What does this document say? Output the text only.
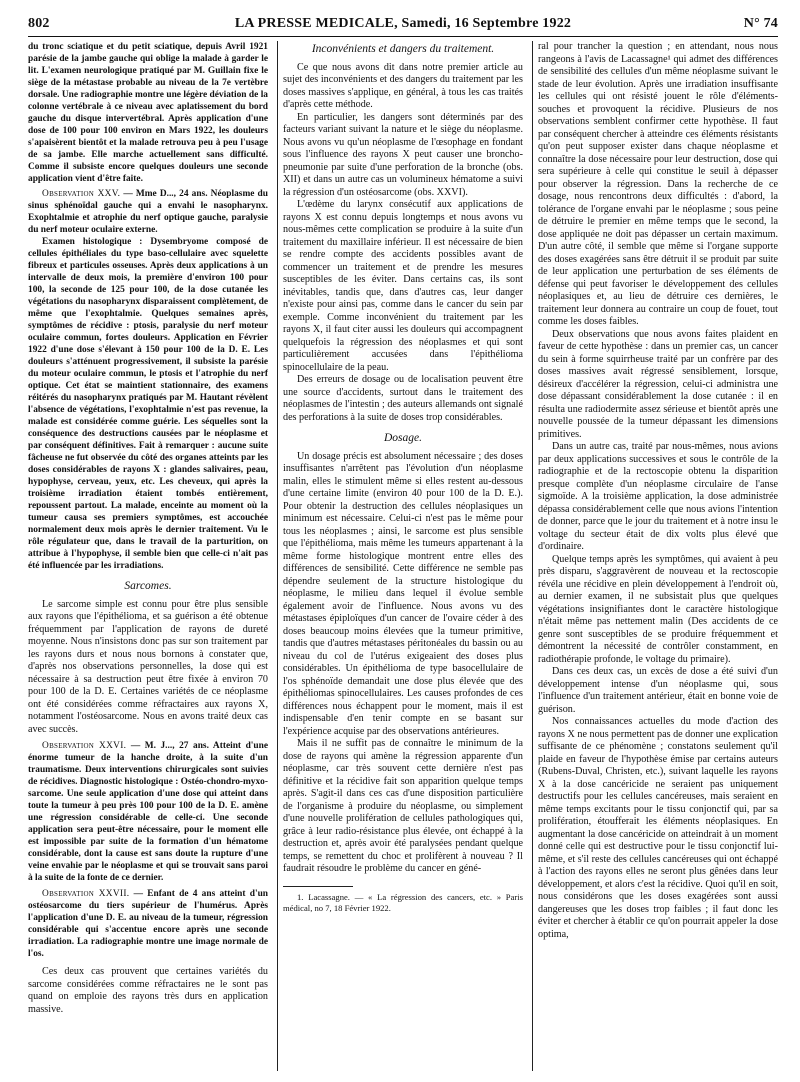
802	LA PRESSE MEDICALE, Samedi, 16 Septembre 1922	N° 74

du tronc sciatique et du petit sciatique, depuis Avril 1921 parésie de la jambe gauche qui oblige la malade à garder le lit. L'examen neurologique pratiqué par M. Guillain fixe le siège de la métastase probable au niveau de la 7e vertèbre dorsale. Une radiographie montre une légère déviation de la colonne vertébrale à ce niveau avec aplatissement du bord gauche du disque intervertébral. Après application d'une dose de 100 pour 100 environ en Mars 1922, les douleurs s'apaisèrent bientôt et la malade retrouva peu à peu l'usage de sa jambe. Elle marche actuellement sans difficulté. Comme il subsiste encore quelques douleurs une seconde application vient d'être faite.

Observation XXV. — Mme D..., 24 ans. Néoplasme du sinus sphénoïdal gauche qui a envahi le nasopharynx. Exophtalmie et atrophie du nerf optique gauche, paralysie du nerf moteur oculaire externe.

Examen histologique : Dysembryome composé de cellules épithéliales du type baso-cellulaire avec squelette fibreux et particules osseuses. Après deux applications à un intervalle de deux mois, la première d'environ 100 pour 100, la seconde de 125 pour 100, de la dose cutanée les végétations du nasopharynx disparaissent complètement, de même que l'exophtalmie. Quelques semaines après, symptômes de récidive : ptosis, paralysie du nerf moteur oculaire commun, fortes douleurs. Application en Février 1922 d'une dose s'élevant à 150 pour 100 de la D. E. Les douleurs s'atténuent progressivement, il subsiste la parésie du moteur oculaire commun, le ptosis et l'atrophie du nerf optique. Cet état se maintient stationnaire, des examens réitérés du nasopharynx pratiqués par M. Hautant révèlent l'absence de végétations, l'exophtalmie n'est pas revenue, la malade est considérée comme guérie. Les séquelles sont la conséquence des destructions causées par le néoplasme et par conséquent définitives. Fait à remarquer : aucune suite fâcheuse ne fut observée du côté des organes atteints par les doses considérables de rayons X : glandes salivaires, peau, hypophyse, cerveau, yeux, etc. Les cheveux, qui après la troisième irradiation étaient tombés entièrement, repoussent partout. La malade, enceinte au moment où la tumeur causa ses premiers symptômes, est accouchée normalement deux mois après le dernier traitement. Vu le rôle régulateur que, dans le travail de la parturition, on attribue à l'hypophyse, il semble bien que celle-ci n'ait pas été influencée par les irradiations.

Sarcomes.

Le sarcome simple est connu pour être plus sensible aux rayons que l'épithélioma, et sa guérison a été obtenue fréquemment par l'application de rayons de dureté moyenne. Nous n'insistons donc pas sur son traitement par les rayons durs et nous nous bornons à constater que, d'après nos observations personnelles, la dose qui est nécessaire à sa destruction peut être fixée à environ 70 pour 100 de la D. E. Certaines variétés de ce néoplasme ont été considérées comme réfractaires aux rayons X, notamment l'ostéosarcome. Nous en avons traité deux cas avec succès.

Observation XXVI. — M. J..., 27 ans. Atteint d'une énorme tumeur de la hanche droite, à la suite d'un traumatisme. Deux interventions chirurgicales sont suivies de récidives. Diagnostic histologique : Ostéo-chondro-myxo-sarcome. Une seule application d'une dose qui atteint dans toute la tumeur à peu près 100 pour 100 de la D. E. amène une régression considérable de celle-ci. Une seconde application sera peut-être nécessaire, pour le moment elle est impossible par suite de la formation d'un hématome considérable, dont la cause est sans doute la rupture d'une veine envahie par le néoplasme et qui se trouvait sans paroi à la suite de la fonte de ce dernier.

Observation XXVII. — Enfant de 4 ans atteint d'un ostéosarcome du tiers supérieur de l'humérus. Après l'application d'une D. E. au niveau de la tumeur, régression considérable qui s'accentue encore après une seconde irradiation. La radiographie montre une image normale de l'os.

Ces deux cas prouvent que certaines variétés du sarcome considérées comme réfractaires ne le sont pas quand on emploie des rayons très durs en application massive.

Inconvénients et dangers du traitement.

Ce que nous avons dit dans notre premier article au sujet des inconvénients et des dangers du traitement par les doses massives s'applique, en général, à tous les cas traités d'après cette méthode.

En particulier, les dangers sont déterminés par des facteurs variant suivant la nature et le siège du néoplasme. Nous avons vu qu'un néoplasme de l'œsophage en fondant sous l'influence des rayons X peut causer une broncho-pneumonie par suite d'une perforation de la bronche (obs. XII) et dans un autre cas un volumineux hématome a suivi la régression d'un ostéosarcome (obs. XXVI).

L'œdème du larynx consécutif aux applications de rayons X est connu depuis longtemps et nous avons vu nous-mêmes cette complication se produire à la suite d'un traitement du maxillaire inférieur. Il est nécessaire de bien se rendre compte des accidents possibles avant de commencer un traitement et de prendre les mesures susceptibles de les éviter. Dans certains cas, ils sont inévitables, tandis que, dans d'autres cas, leur danger n'existe pour ainsi pas, comme dans le cancer du sein par exemple. Comme inconvénient du traitement par les rayons X, il faut citer aussi les douleurs qui accompagnent quelquefois la régression des néoplasmes et qui sont particulièrement accusées dans l'épithélioma spinocellulaire de la peau.

Des erreurs de dosage ou de localisation peuvent être une source d'accidents, surtout dans le traitement des néoplasmes de l'intestin ; des auteurs allemands ont signalé des perforations à la suite de doses trop considérables.

Dosage.

Un dosage précis est absolument nécessaire ; des doses insuffisantes n'arrêtent pas l'évolution d'un néoplasme malin, elles le stimulent même si elles restent au-dessous d'une certaine limite (environ 40 pour 100 de la D. E.). Pour obtenir la destruction des cellules néoplasiques un minimum est nécessaire. Celui-ci n'est pas le même pour tous les néoplasmes ; ainsi, le sarcome est plus sensible que l'épithélioma, mais même les tumeurs appartenant à la même forme histologique montrent entre elles des différences de sensibilité. Cette différence ne semble pas dépendre seulement de la structure histologique du néoplasme, le milieu dans lequel il évolue semble également avoir de l'influence. Nous avons vu des métastases épiploïques d'un cancer de l'ovaire céder à des doses beaucoup moins élevées que la tumeur primitive, tandis que d'autres métastases péritonéales du bassin ou au niveau du col de l'utérus exigeaient des doses plus considérables. Un épithélioma de type basocellulaire de l'os sphénoïde demandait une dose plus élevée que des épithéliomas spinocellulaires. Les causes profondes de ces différences nous échappent pour le moment, mais il est indispensable d'en tenir compte en se basant sur l'expérience acquise par des observations antérieures.

Mais il ne suffit pas de connaître le minimum de la dose de rayons qui amène la régression apparente d'un néoplasme, car très souvent cette dernière n'est pas définitive et la récidive fait son apparition quelque temps après. S'agit-il dans ces cas d'une disposition particulière de l'organisme à produire du néoplasme, ou simplement d'une nouvelle prolifération de cellules pathologiques qui, grâce à leur radio-résistance plus élevée, ont échappé à la destruction et, après avoir été paralysées pendant quelque temps, se remettent du choc et prolifèrent à nouveau ? Il faudrait résoudre le problème du cancer en géné-

1. Lacassagne. — « La régression des cancers, etc. » Paris médical, no 7, 18 Février 1922.

ral pour trancher la question ; en attendant, nous nous rangeons à l'avis de Lacassagne¹ qui admet des différences de sensibilité des cellules d'un même néoplasme suivant le stade de leur évolution. Après une irradiation insuffisante les cellules qui ont résisté jouent le rôle d'éléments-souches et provoquent la récidive. Plusieurs de nos observations semblent confirmer cette hypothèse. Il faut par conséquent chercher à atteindre ces éléments résistants qu'on peut supposer exister dans chaque néoplasme et connaître la dose nécessaire pour leur destruction, dose qui sera supérieure à celle qui constitue le seuil à dépasser pour observer la régression. Dans la recherche de ce dosage, nous rencontrons deux difficultés : d'abord, la tolérance de l'organe envahi par le néoplasme ; sous peine de détruire le premier en même temps que le second, la dose appliquée ne doit pas dépasser un certain maximum. D'un autre côté, il semble que même si l'organe supporte des doses exagérées sans être détruit il se produit par suite de leur application une perturbation de ses éléments de défense qui peut favoriser le développement des cellules néoplasiques et, au lieu de détruire ces dernières, le traitement leur donnera au contraire un coup de fouet, tout comme les doses faibles.

Deux observations que nous avons faites plaident en faveur de cette hypothèse : dans un premier cas, un cancer du sein à forme squirrheuse traité par un confrère par des doses massives avait régressé sensiblement, lorsque, désireux d'accélérer la régression, celui-ci administra une dose dépassant considérablement la dose cutanée : il en résulta une radiodermite assez sérieuse et bientôt après une nouvelle poussée de la tumeur dépassant les dimensions primitives.

Dans un autre cas, traité par nous-mêmes, nous avions par deux applications successives et sous le contrôle de la radiographie et de la rectoscopie obtenu la disparition presque complète d'un néoplasme circulaire de l'anse sigmoïde. A la troisième application, la dose administrée dépassa considérablement celle que nous avions l'intention de donner, parce que le jour du traitement et à notre insu le voltage du secteur était de dix volts plus élevé que d'ordinaire.

Quelque temps après les symptômes, qui avaient à peu près disparu, s'aggravèrent de nouveau et la rectoscopie révéla une récidive en plein développement à l'endroit où, au dernier examen, il ne subsistait plus que quelques végétations insignifiantes dont le caractère histologique n'était même pas nettement malin (Des accidents de ce genre sont susceptibles de se produire fréquemment et démontrent la nécessité de contrôler constamment, en radiothérapie profonde, le voltage du primaire).

Dans ces deux cas, un excès de dose a été suivi d'un développement intense d'un néoplasme qui, sous l'influence d'un traitement antérieur, était en bonne voie de guérison.

Nos connaissances actuelles du mode d'action des rayons X ne nous permettent pas de donner une explication suffisante de ce phénomène ; constatons seulement qu'il plaide en faveur de l'hypothèse émise par certains auteurs (Rubens-Duval, Christen, etc.), suivant laquelle les rayons X à la dose cancéricide ne seraient pas uniquement destructifs pour les cellules cancéreuses, mais seraient en même temps excitants pour le tissu conjonctif qui, par sa prolifération, étoufferait les éléments néoplasiques. En augmentant la dose cancéricide on atteindrait à un moment donné celle qui est destructive pour le tissu conjonctif lui-même, et s'il reste des cellules cancéreuses qui ont échappé à l'action des rayons elles ne seront plus gênées dans leur développement, et alors c'est la récidive. Quoi qu'il en soit, nous considérons que les doses exagérées sont aussi dangereuses que les doses trop faibles ; il faut donc les éviter et chercher à établir ce qu'on pourrait appeler la dose optima,
